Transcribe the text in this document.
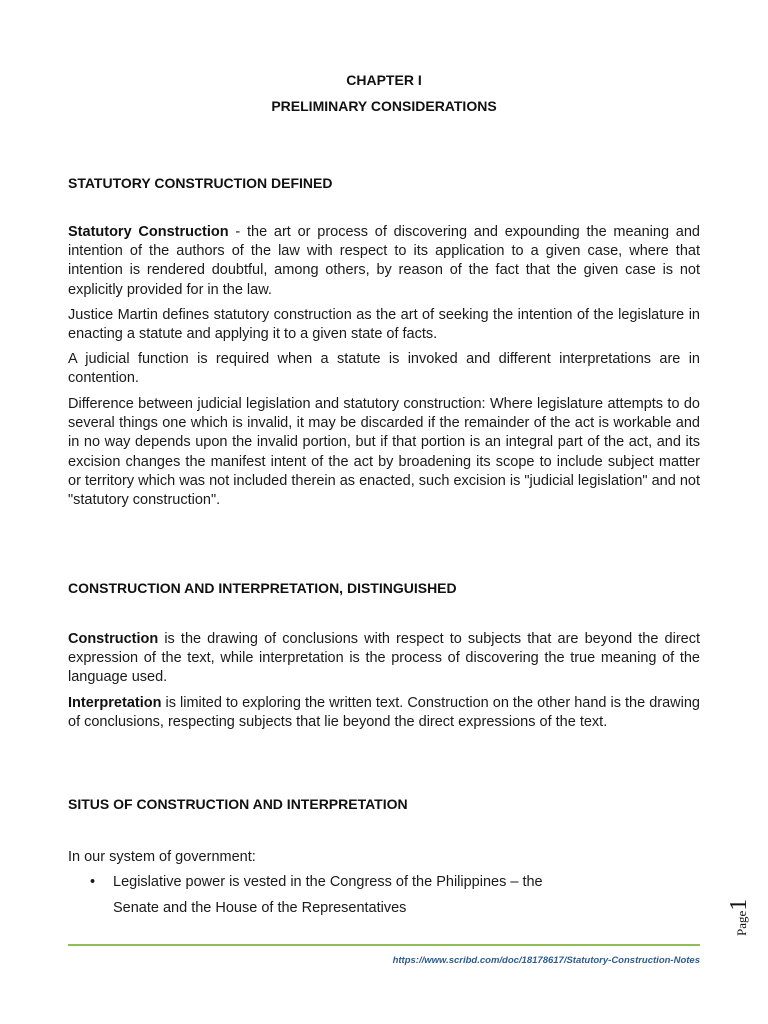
CHAPTER I
PRELIMINARY CONSIDERATIONS
STATUTORY CONSTRUCTION DEFINED
Statutory Construction - the art or process of discovering and expounding the meaning and intention of the authors of the law with respect to its application to a given case, where that intention is rendered doubtful, among others, by reason of the fact that the given case is not explicitly provided for in the law.
Justice Martin defines statutory construction as the art of seeking the intention of the legislature in enacting a statute and applying it to a given state of facts.
A judicial function is required when a statute is invoked and different interpretations are in contention.
Difference between judicial legislation and statutory construction: Where legislature attempts to do several things one which is invalid, it may be discarded if the remainder of the act is workable and in no way depends upon the invalid portion, but if that portion is an integral part of the act, and its excision changes the manifest intent of the act by broadening its scope to include subject matter or territory which was not included therein as enacted, such excision is "judicial legislation" and not "statutory construction".
CONSTRUCTION AND INTERPRETATION, DISTINGUISHED
Construction is the drawing of conclusions with respect to subjects that are beyond the direct expression of the text, while interpretation is the process of discovering the true meaning of the language used.
Interpretation is limited to exploring the written text. Construction on the other hand is the drawing of conclusions, respecting subjects that lie beyond the direct expressions of the text.
SITUS OF CONSTRUCTION AND INTERPRETATION
In our system of government:
• Legislative power is vested in the Congress of the Philippines – the
Senate and the House of the Representatives
https://www.scribd.com/doc/18178617/Statutory-Construction-Notes
Page1
